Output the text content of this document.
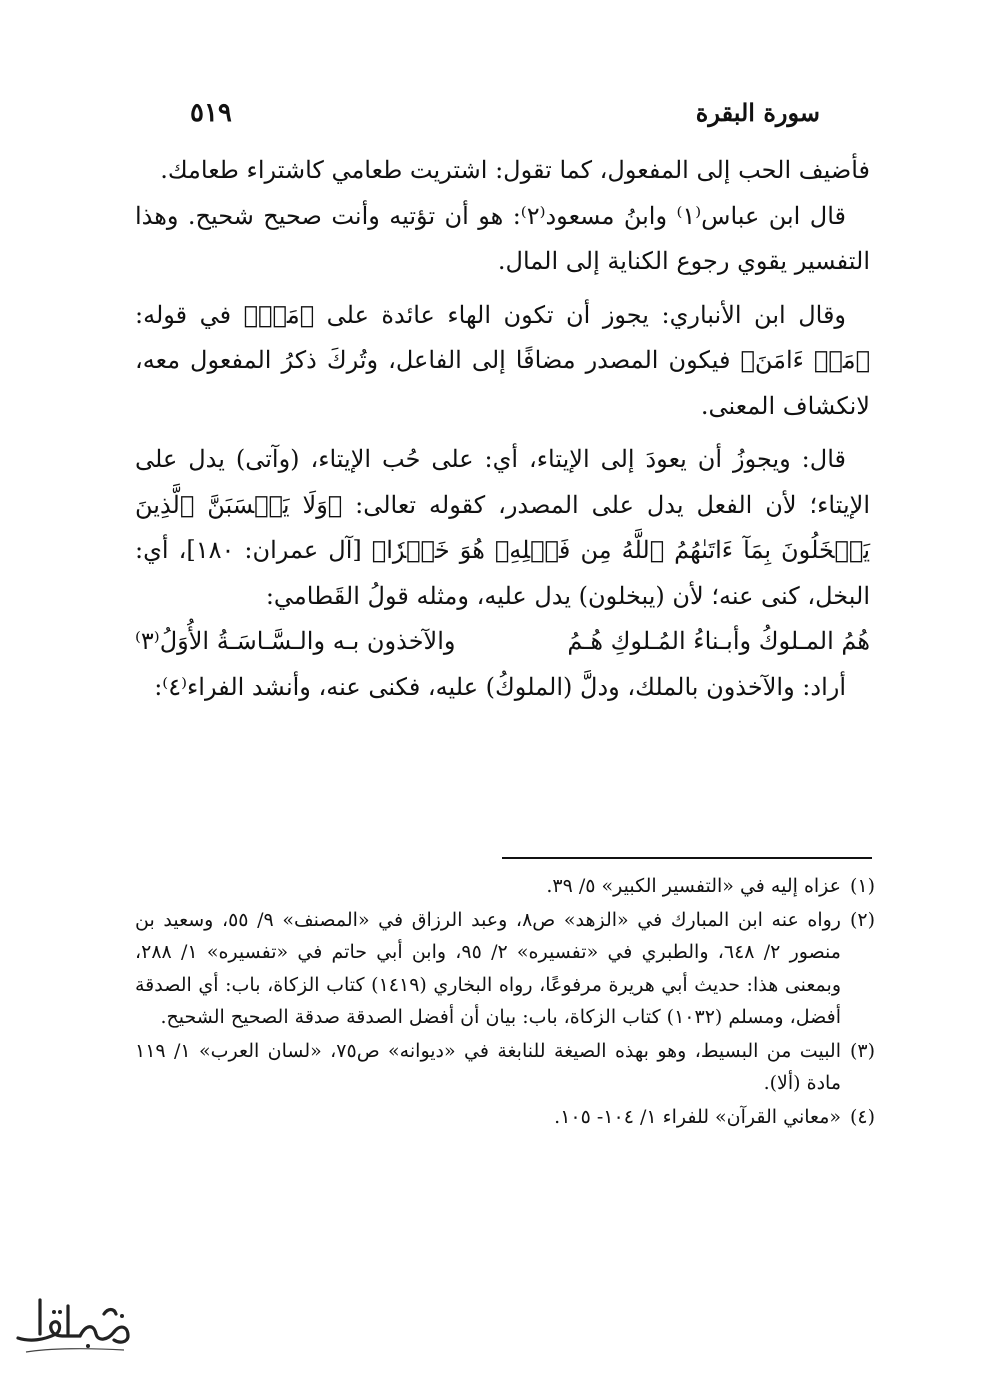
سورة البقرة
٥١٩

فأضيف الحب إلى المفعول، كما تقول: اشتريت طعامي كاشتراء طعامك.

قال ابن عباس⁽١⁾ وابنُ مسعود⁽٢⁾: هو أن تؤتيه وأنت صحيح شحيح. وهذا التفسير يقوي رجوع الكناية إلى المال.

وقال ابن الأنباري: يجوز أن تكون الهاء عائدة على ﴿مَنۡ﴾ في قوله: ﴿مَنۡ ءَامَنَ﴾ فيكون المصدر مضافًا إلى الفاعل، وتُركَ ذكرُ المفعول معه، لانكشاف المعنى.

قال: ويجوزُ أن يعودَ إلى الإيتاء، أي: على حُب الإيتاء، (وآتى) يدل على الإيتاء؛ لأن الفعل يدل على المصدر، كقوله تعالى: ﴿وَلَا يَحۡسَبَنَّ ٱلَّذِينَ يَبۡخَلُونَ بِمَآ ءَاتَىٰهُمُ ٱللَّهُ مِن فَضۡلِهِۦ هُوَ خَيۡرٗا﴾ [آل عمران: ١٨٠]، أي: البخل، كنى عنه؛ لأن (يبخلون) يدل عليه، ومثله قولُ القَطامي:

هُمُ المـلوكُ وأبـناءُ المُـلوكِ هُـمُ
والآخذون بـه والـسَّـاسَـةُ الأُوَلُ⁽٣⁾

أراد: والآخذون بالملك، ودلَّ (الملوكُ) عليه، فكنى عنه، وأنشد الفراء⁽٤⁾:

(١)
عزاه إليه في «التفسير الكبير» ٥/ ٣٩.
(٢)
رواه عنه ابن المبارك في «الزهد» ص٨، وعبد الرزاق في «المصنف» ٩/ ٥٥، وسعيد بن منصور ٢/ ٦٤٨، والطبري في «تفسيره» ٢/ ٩٥، وابن أبي حاتم في «تفسيره» ١/ ٢٨٨، وبمعنى هذا: حديث أبي هريرة مرفوعًا، رواه البخاري (١٤١٩) كتاب الزكاة، باب: أي الصدقة أفضل، ومسلم (١٠٣٢) كتاب الزكاة، باب: بيان أن أفضل الصدقة صدقة الصحيح الشحيح.
(٣)
البيت من البسيط، وهو بهذه الصيغة للنابغة في «ديوانه» ص٧٥، «لسان العرب» ١/ ١١٩ مادة (ألا).
(٤)
«معاني القرآن» للفراء ١/ ١٠٤- ١٠٥.
